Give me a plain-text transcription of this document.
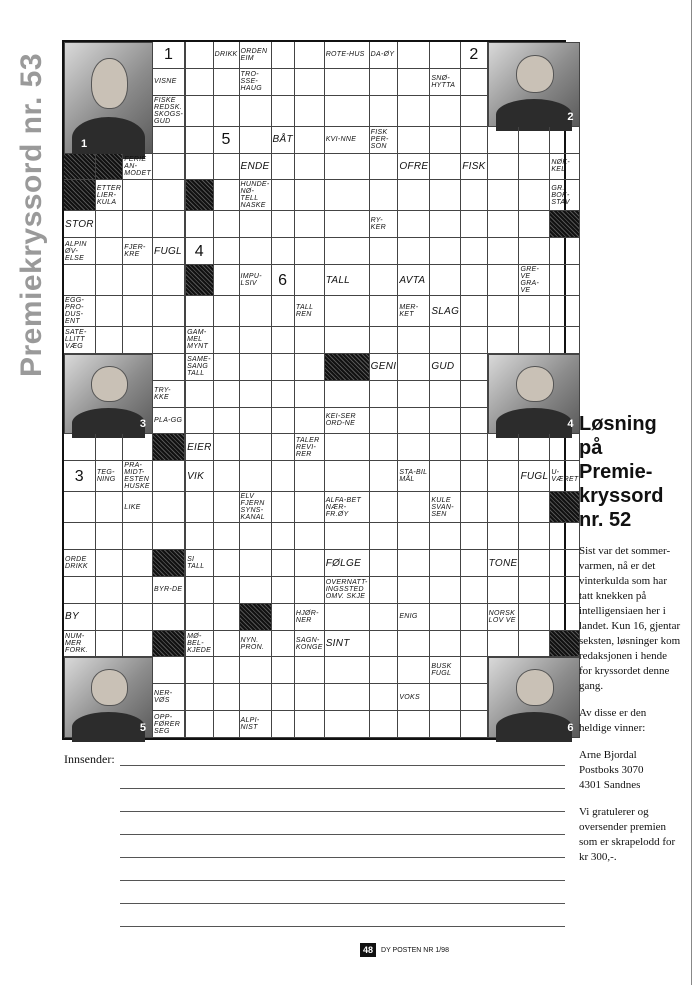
Premiekryssord nr. 53	1
2
3	4
5	6
1	DRIKK ORDEN EIM	ROTE-HUS DA-ØY	2
VISNE
TRO-SSE-HAUG
SNØ-HYTTA
FISKE REDSK. SKOGS-GUD
5	BÅT	KVI-NNE
FISK PER-SON
FERIE AN-MODET
ENDE	OFRE	FISK	NØK-KEL
ETTER LIER-KULA
HUNDE-NØ-TELL NASKE
GR. BOK-STAV
STOR	RY-KER
ALPIN ØV-ELSE
FJER-KRE	FUGL 4
IMPU-LSIV	6	TALL	AVTA
GRE-VE GRA-VE
EGG-PRO-DUS-ENT
TALL REN
MER-KET	SLAG
SATE-LLITT VÆG
GAM-MEL MYNT
SAME-SANG TALL
GENI	GUD
TRY-KKE
PLA-GG	KEI-SER ORD-NE
EIER
TALER REVI-RER
3	TEG-NING
PRA-MIDT-ESTEN HUSKE
VIK	STA-BIL MÅL	FUGL U-VÆRET
LIKE
ELV FJERN SYNS-KANAL
ALFA-BET NÆR-FR.ØY
KULE SVAN-SEN
ORDE DRIKK
SI TALL	FØLGE	TONE
BYR-DE
OVERNATT-INGSSTED OMV. SKJE
BY	HJØR-NER	ENIG	NORSK LOV VE
NUM-MER FORK.
MØ-BEL-KJEDE
NYN. PRON.
SAGN-KONGE SINT
BUSK FUGL
NER-VØS	VOKS
OPP-FØRER SEG
ALPI-NIST
Innsender:
Løsning på Premie-kryssord nr. 52

Sist var det sommer-varmen, nå er det vinterkulda som har tatt knekken på intelligensiaen her i landet. Kun 16, gjentar seksten, løsninger kom redaksjonen i hende for kryssordet denne gang.

Av disse er den heldige vinner:

Arne Bjordal
Postboks 3070
4301 Sandnes

Vi gratulerer og oversender premien som er skrapelodd for kr 300,-.

48	DY POSTEN NR 1/98
